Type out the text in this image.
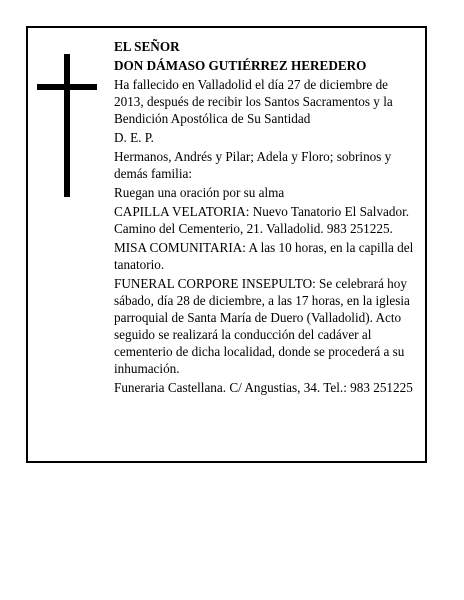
EL SEÑOR

DON DÁMASO GUTIÉRREZ HEREDERO

Ha fallecido en Valladolid el día 27 de diciembre de 2013, después de recibir los Santos Sacramentos y la Bendición Apostólica de Su Santidad

D. E. P.

Hermanos, Andrés y Pilar; Adela y Floro; sobrinos y demás familia:

Ruegan una oración por su alma

CAPILLA VELATORIA: Nuevo Tanatorio El Salvador. Camino del Cementerio, 21. Valladolid. 983 251225.

MISA COMUNITARIA: A las 10 horas, en la capilla del tanatorio.

FUNERAL CORPORE INSEPULTO: Se celebrará hoy sábado, día 28 de diciembre, a las 17 horas, en la iglesia parroquial de Santa María de Duero (Valladolid). Acto seguido se realizará la conducción del cadáver al cementerio de dicha localidad, donde se procederá a su inhumación.

Funeraria Castellana. C/ Angustias, 34. Tel.: 983 251225
